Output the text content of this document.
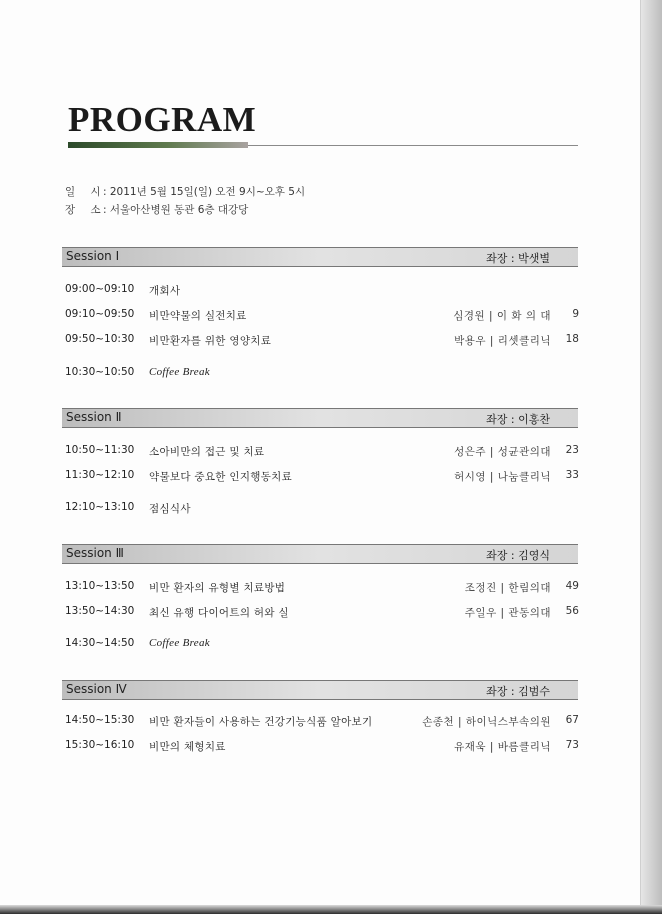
PROGRAM
일 시: 2011년 5월 15일(일) 오전 9시~오후 5시
장 소: 서울아산병원 동관 6층 대강당
Session Ⅰ	좌장 : 박샛별
09:00~09:10 개회사
09:10~09:50 비만약물의 실전치료	심경원 | 이 화 의 대	9
09:50~10:30 비만환자를 위한 영양치료	박용우 | 리셋클리닉	18
10:30~10:50 Coffee Break
Session Ⅱ	좌장 : 이홍찬
10:50~11:30 소아비만의 접근 및 치료	성은주 | 성균관의대	23
11:30~12:10 약물보다 중요한 인지행동치료	허시영 | 나눔클리닉	33
12:10~13:10 점심식사
Session Ⅲ	좌장 : 김영식
13:10~13:50 비만 환자의 유형별 치료방법	조정진 | 한림의대	49
13:50~14:30 최신 유행 다이어트의 허와 실	주일우 | 관동의대	56
14:30~14:50 Coffee Break
Session Ⅳ	좌장 : 김범수
14:50~15:30 비만 환자들이 사용하는 건강기능식품 알아보기	손종천 | 하이닉스부속의원	67
15:30~16:10 비만의 체형치료	유재욱 | 바름클리닉	73
